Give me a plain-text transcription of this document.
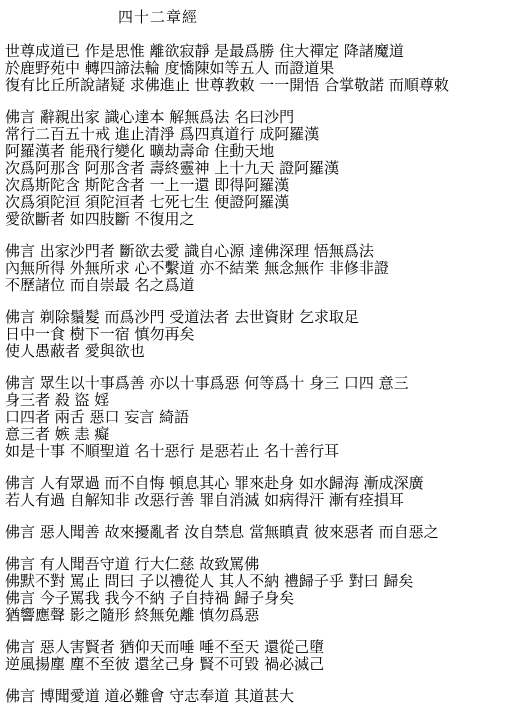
四十二章經
世尊成道已 作是思惟 離欲寂靜 是最爲勝 住大禪定 降諸魔道
於鹿野苑中 轉四諦法輪 度憍陳如等五人 而證道果
復有比丘所說諸疑 求佛進止 世尊教敕 一一開悟 合掌敬諾 而順尊敕
佛言 辭親出家 識心達本 解無爲法 名曰沙門
常行二百五十戒 進止清淨 爲四真道行 成阿羅漢
阿羅漢者 能飛行變化 曠劫壽命 住動天地
次爲阿那含 阿那含者 壽終靈神 上十九天 證阿羅漢
次爲斯陀含 斯陀含者 一上一還 即得阿羅漢
次爲須陀洹 須陀洹者 七死七生 便證阿羅漢
愛欲斷者 如四肢斷 不復用之
佛言 出家沙門者 斷欲去愛 識自心源 達佛深理 悟無爲法
內無所得 外無所求 心不繫道 亦不結業 無念無作 非修非證
不歷諸位 而自崇最 名之爲道
佛言 剃除鬚髮 而爲沙門 受道法者 去世資財 乞求取足
日中一食 樹下一宿 慎勿再矣
使人愚蔽者 愛與欲也
佛言 眾生以十事爲善 亦以十事爲惡 何等爲十 身三 口四 意三
身三者 殺 盜 婬
口四者 兩舌 惡口 妄言 綺語
意三者 嫉 恚 癡
如是十事 不順聖道 名十惡行 是惡若止 名十善行耳
佛言 人有眾過 而不自悔 頓息其心 罪來赴身 如水歸海 漸成深廣
若人有過 自解知非 改惡行善 罪自消滅 如病得汗 漸有痊損耳
佛言 惡人聞善 故來擾亂者 汝自禁息 當無瞋責 彼來惡者 而自惡之
佛言 有人聞吾守道 行大仁慈 故致罵佛
佛默不對 罵止 問曰 子以禮從人 其人不納 禮歸子乎 對曰 歸矣
佛言 今子罵我 我今不納 子自持禍 歸子身矣
猶響應聲 影之隨形 終無免離 慎勿爲惡
佛言 惡人害賢者 猶仰天而唾 唾不至天 還從己墮
逆風揚塵 塵不至彼 還坌己身 賢不可毀 禍必滅己
佛言 博聞愛道 道必難會 守志奉道 其道甚大
